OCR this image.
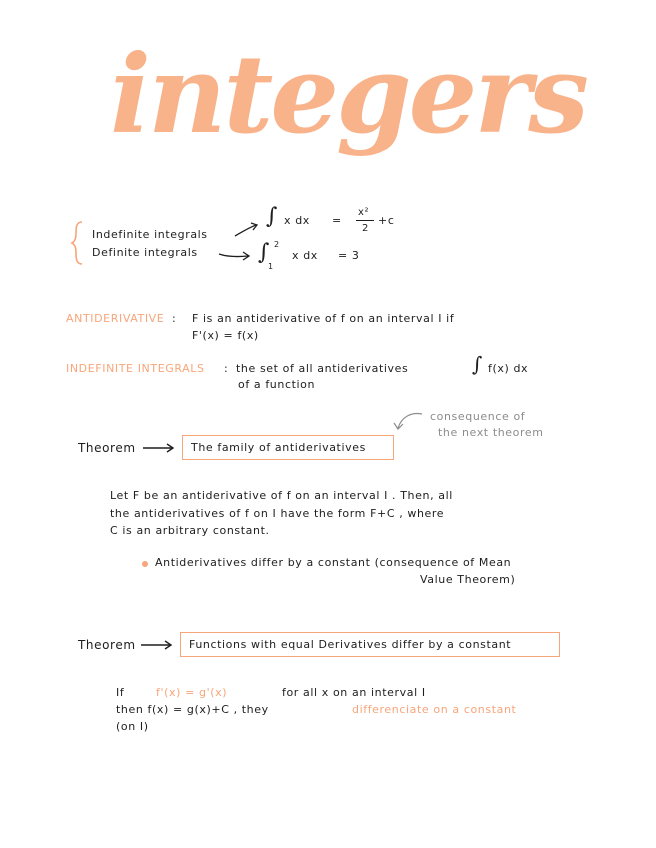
integers
Indefinite integrals
Definite integrals
∫ x dx =
x²
2
+c
∫ 2
1
x dx = 3
ANTIDERIVATIVE : F is an antiderivative of f on an interval I if
F'(x) = f(x)
INDEFINITE INTEGRALS : the set of all antiderivatives
of a function
∫ f(x) dx
consequence of
the next theorem
Theorem	The family of antiderivatives
Let F be an antiderivative of f on an interval I . Then, all
the antiderivatives of f on I have the form F+C , where
C is an arbitrary constant.
Antiderivatives differ by a constant (consequence of Mean
Value Theorem)
Theorem	Functions with equal Derivatives differ by a constant
If	f'(x) = g'(x)	for all x on an interval I
then f(x) = g(x)+C , they	differenciate on a constant
(on I)
